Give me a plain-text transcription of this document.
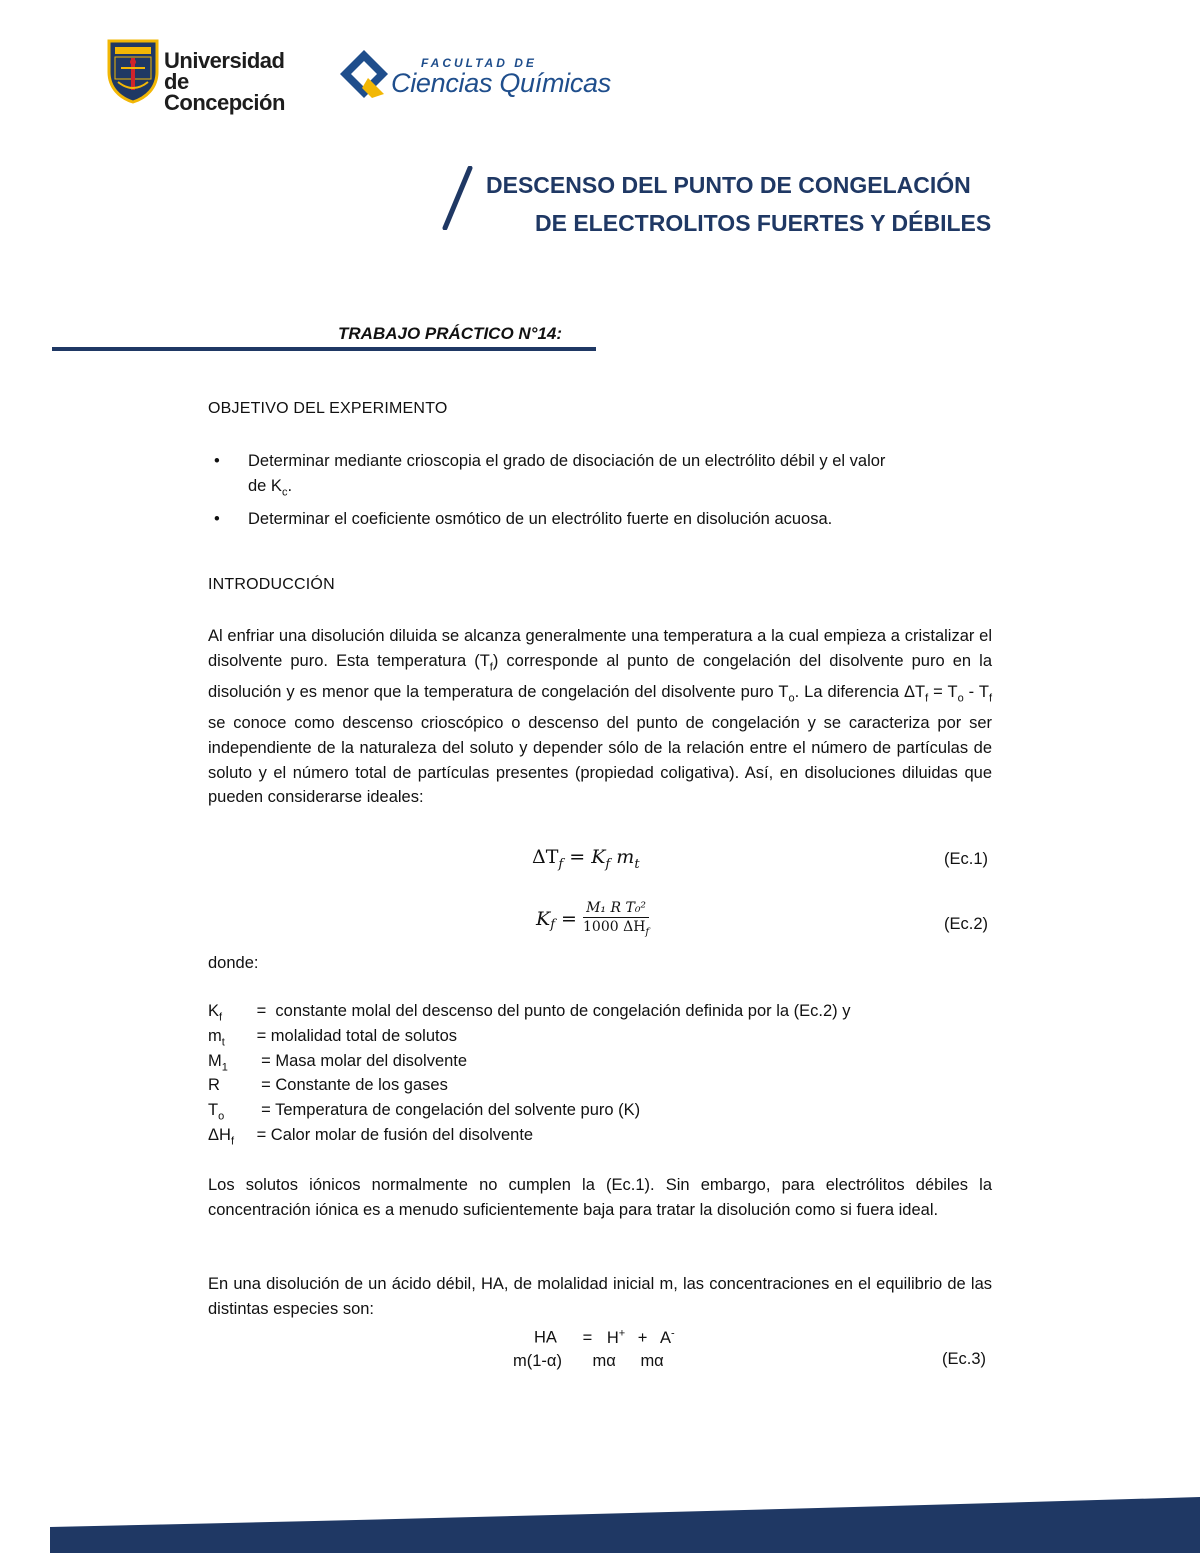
Universidad
de Concepción
FACULTAD DE
Ciencias Químicas
DESCENSO DEL PUNTO DE CONGELACIÓN
DE ELECTROLITOS FUERTES Y DÉBILES
TRABAJO PRÁCTICO N°14:
OBJETIVO DEL EXPERIMENTO
• Determinar mediante crioscopia el grado de disociación de un electrólito débil y el valor
de $K_c$.
• Determinar el coeficiente osmótico de un electrólito fuerte en disolución acuosa.
INTRODUCCIÓN
Al enfriar una disolución diluida se alcanza generalmente una temperatura a la cual empieza a cristalizar el disolvente puro. Esta temperatura $(T_f)$ corresponde al punto de congelación del disolvente puro en la disolución y es menor que la temperatura de congelación del disolvente puro $T_o$. La diferencia $\Delta T_f = T_o - T_f$ se conoce como descenso crioscópico o descenso del punto de congelación y se caracteriza por ser independiente de la naturaleza del soluto y depender sólo de la relación entre el número de partículas de soluto y el número total de partículas presentes (propiedad coligativa). Así, en disoluciones diluidas que pueden considerarse ideales:
$\Delta T_f = K_f$ $m_t$	(Ec.1)
$K_f = \frac{\text{M₁ R T₀²}}{1000 \Delta H_f}$	(Ec.2)
donde:
$K_f$ =  constante molal del descenso del punto de congelación definida por la (Ec.2) y
$m_t$ = molalidad total de solutos
$M_1$  = Masa molar del disolvente
R  = Constante de los gases
$T_o$  = Temperatura de congelación del solvente puro (K)
$\Delta H_f$ = Calor molar de fusión del disolvente
Los solutos iónicos normalmente no cumplen la (Ec.1). Sin embargo, para electrólitos débiles la concentración iónica es a menudo suficientemente baja para tratar la disolución como si fuera ideal.
En una disolución de un ácido débil, HA, de molalidad inicial m, las concentraciones en el equilibrio de las distintas especies son:
HA = H+ + A-
m(1-α) mα mα	(Ec.3)
